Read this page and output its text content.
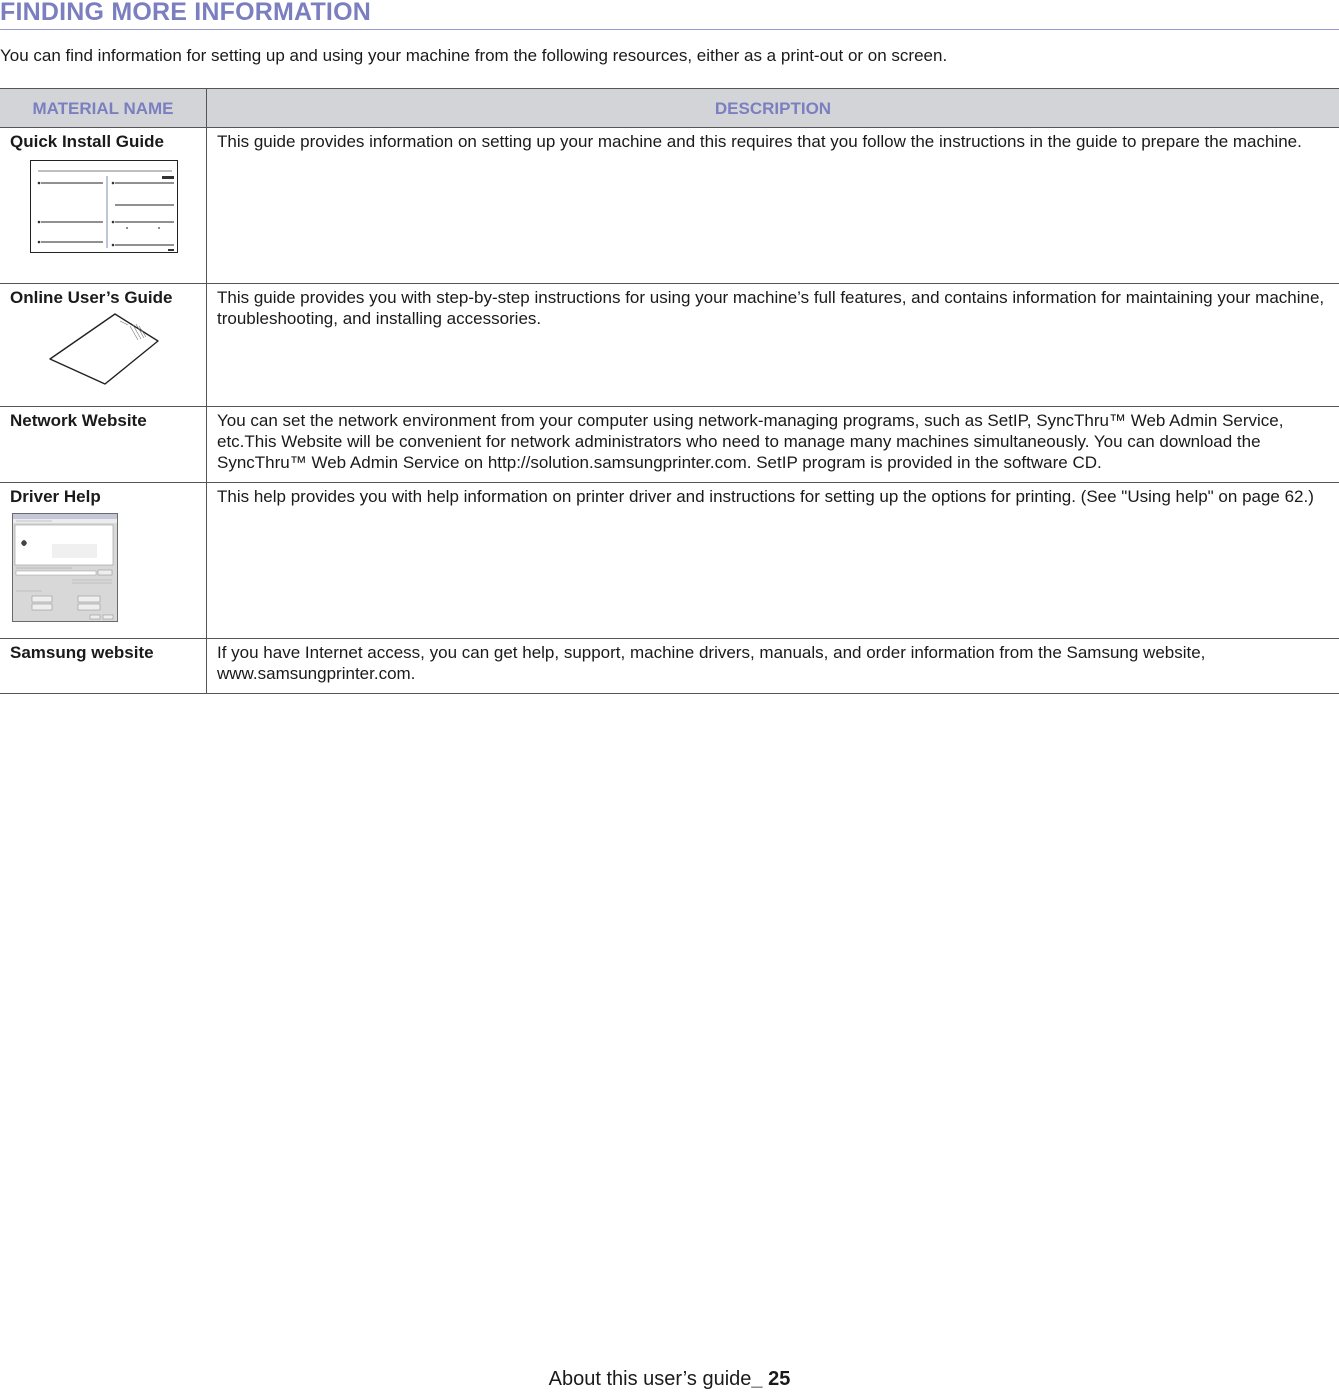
FINDING MORE INFORMATION

You can find information for setting up and using your machine from the following resources, either as a print-out or on screen.

MATERIAL NAME	DESCRIPTION

Quick Install Guide	This guide provides information on setting up your machine and this requires that you follow the instructions in the guide to prepare the machine.

Online User’s Guide	This guide provides you with step-by-step instructions for using your machine’s full features, and contains information for maintaining your machine, troubleshooting, and installing accessories.

Network Website	You can set the network environment from your computer using network-managing programs, such as SetIP, SyncThru™ Web Admin Service, etc.This Website will be convenient for network administrators who need to manage many machines simultaneously. You can download the SyncThru™ Web Admin Service on http://solution.samsungprinter.com. SetIP program is provided in the software CD.

Driver Help	This help provides you with help information on printer driver and instructions for setting up the options for printing. (See "Using help" on page 62.)

Samsung website	If you have Internet access, you can get help, support, machine drivers, manuals, and order information from the Samsung website, www.samsungprinter.com.
About this user’s guide_ 25
